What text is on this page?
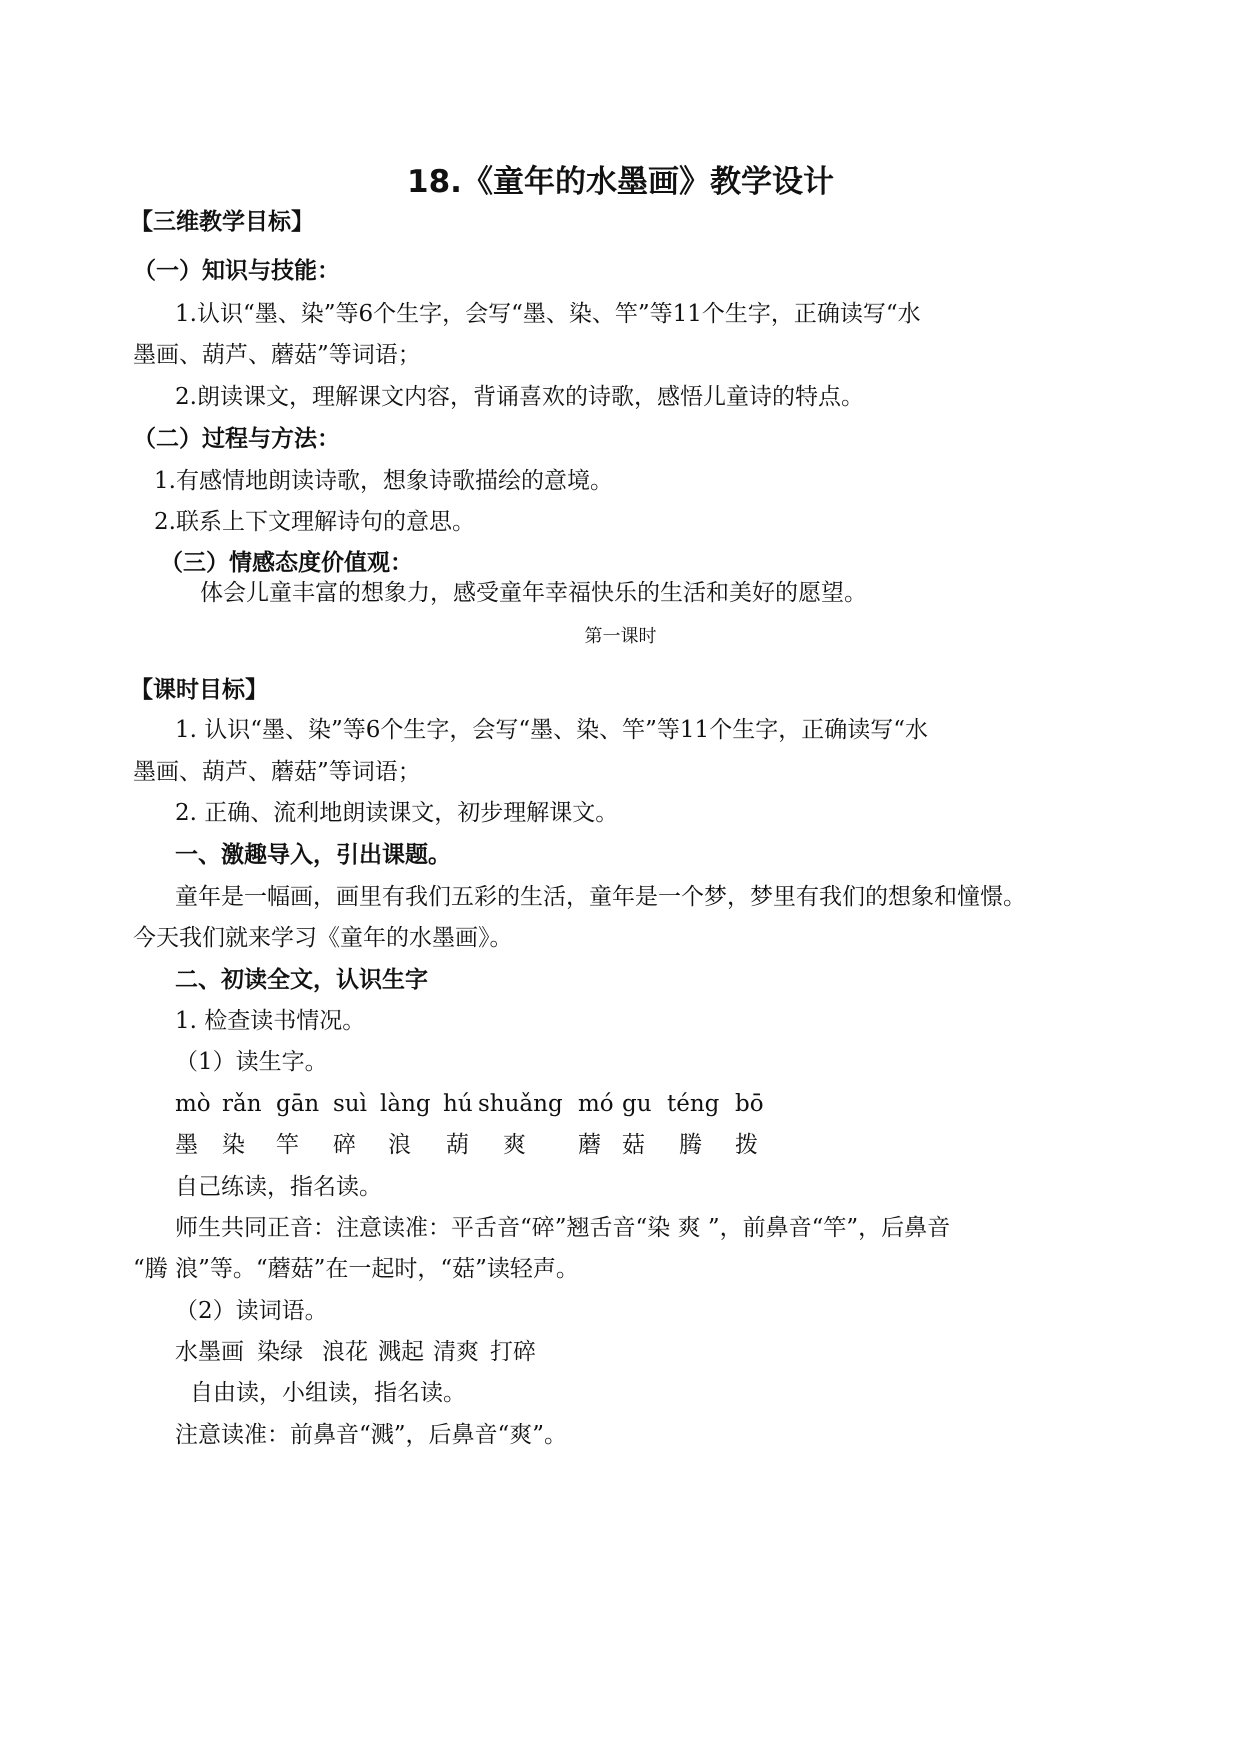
18.《童年的水墨画》教学设计
【三维教学目标】
（一）知识与技能：
1.认识“墨、染”等6个生字，会写“墨、染、竿”等11个生字，正确读写“水
墨画、葫芦、蘑菇”等词语；
2.朗读课文，理解课文内容，背诵喜欢的诗歌，感悟儿童诗的特点。
（二）过程与方法：
1.有感情地朗读诗歌，想象诗歌描绘的意境。
2.联系上下文理解诗句的意思。
（三）情感态度价值观：
体会儿童丰富的想象力，感受童年幸福快乐的生活和美好的愿望。
第一课时
【课时目标】
1. 认识“墨、染”等6个生字，会写“墨、染、竿”等11个生字，正确读写“水
墨画、葫芦、蘑菇”等词语；
2. 正确、流利地朗读课文，初步理解课文。
一、激趣导入，引出课题。
童年是一幅画，画里有我们五彩的生活，童年是一个梦，梦里有我们的想象和憧憬。
今天我们就来学习《童年的水墨画》。
二、初读全文，认识生字
1. 检查读书情况。
（1）读生字。
mò rǎn gān suì làng hú shuǎng mó gu téng bō
墨 染 竿 碎 浪 葫 爽 蘑 菇 腾 拨
自己练读，指名读。
师生共同正音：注意读准：平舌音“碎”翘舌音“染 爽 ”，前鼻音“竿”，后鼻音
“腾 浪”等。“蘑菇”在一起时，“菇”读轻声。
（2）读词语。
水墨画 染绿 浪花 溅起 清爽 打碎
自由读，小组读，指名读。
注意读准：前鼻音“溅”，后鼻音“爽”。
